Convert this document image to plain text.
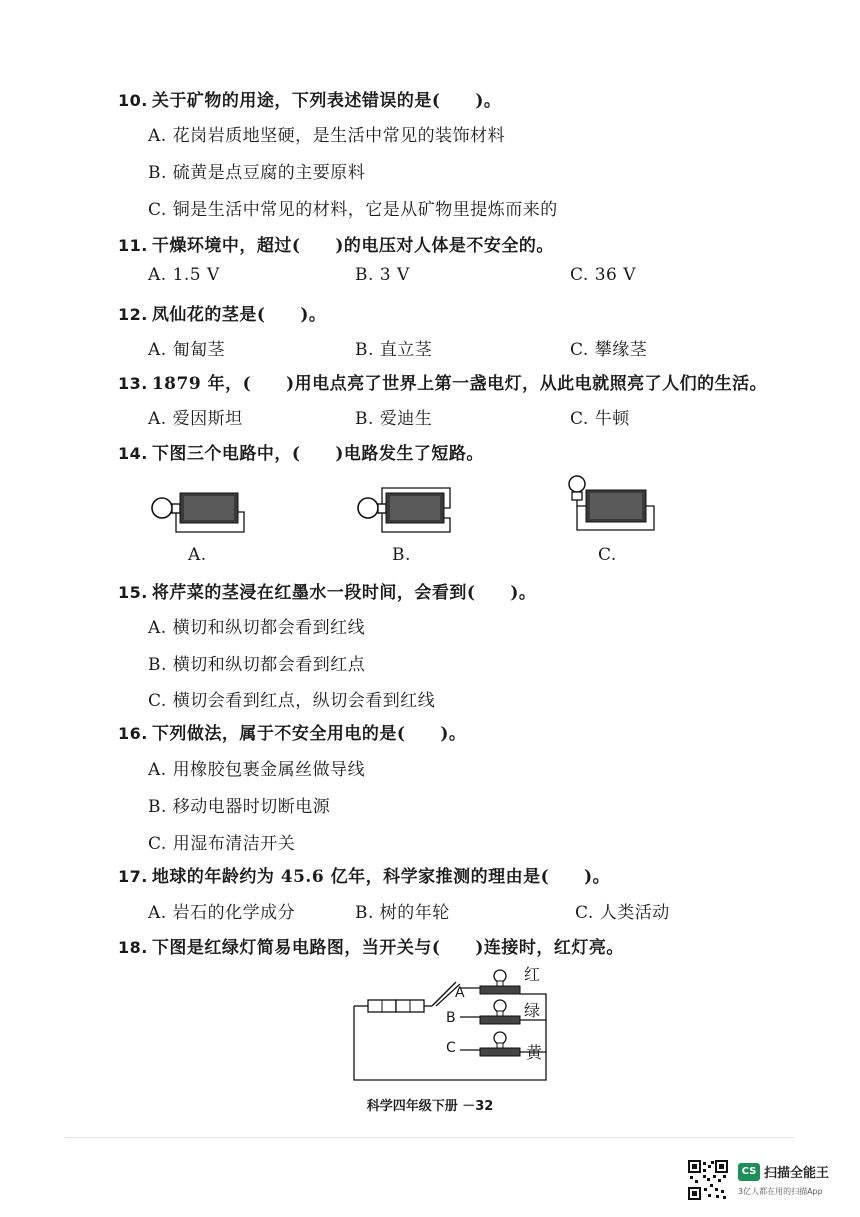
10. 关于矿物的用途，下列表述错误的是(　　)。
A. 花岗岩质地坚硬，是生活中常见的装饰材料
B. 硫黄是点豆腐的主要原料
C. 铜是生活中常见的材料，它是从矿物里提炼而来的
11. 干燥环境中，超过(　　)的电压对人体是不安全的。
A. 1.5 V	B. 3 V	C. 36 V
12. 凤仙花的茎是(　　)。
A. 匍匐茎	B. 直立茎	C. 攀缘茎
13. 1879 年，(　　)用电点亮了世界上第一盏电灯，从此电就照亮了人们的生活。
A. 爱因斯坦	B. 爱迪生	C. 牛顿
14. 下图三个电路中，(　　)电路发生了短路。
A.	B.	C.
15. 将芹菜的茎浸在红墨水一段时间，会看到(　　)。
A. 横切和纵切都会看到红线
B. 横切和纵切都会看到红点
C. 横切会看到红点，纵切会看到红线
16. 下列做法，属于不安全用电的是(　　)。
A. 用橡胶包裹金属丝做导线
B. 移动电器时切断电源
C. 用湿布清洁开关
17. 地球的年龄约为 45.6 亿年，科学家推测的理由是(　　)。
A. 岩石的化学成分	B. 树的年轮	C. 人类活动
18. 下图是红绿灯简易电路图，当开关与(　　)连接时，红灯亮。
A
B
C
红
绿
黄
科学四年级下册 －32
CS 扫描全能王
3亿人都在用的扫描App
